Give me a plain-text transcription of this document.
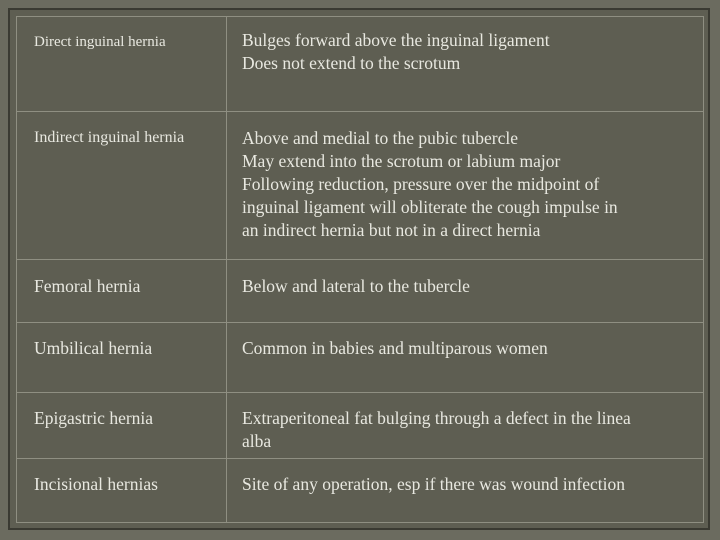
Direct inguinal hernia	Bulges forward above the inguinal ligament
Does not extend to the scrotum

Indirect inguinal hernia	Above and medial to the pubic tubercle
May extend into the scrotum or labium major
Following reduction, pressure over the midpoint of
inguinal ligament will obliterate the cough impulse in
an indirect hernia but not in a direct hernia

Femoral hernia	Below and lateral to the tubercle

Umbilical hernia	Common in babies and multiparous women

Epigastric hernia	Extraperitoneal fat bulging through a defect in the linea
alba

Incisional hernias	Site of any operation, esp if there was wound infection
